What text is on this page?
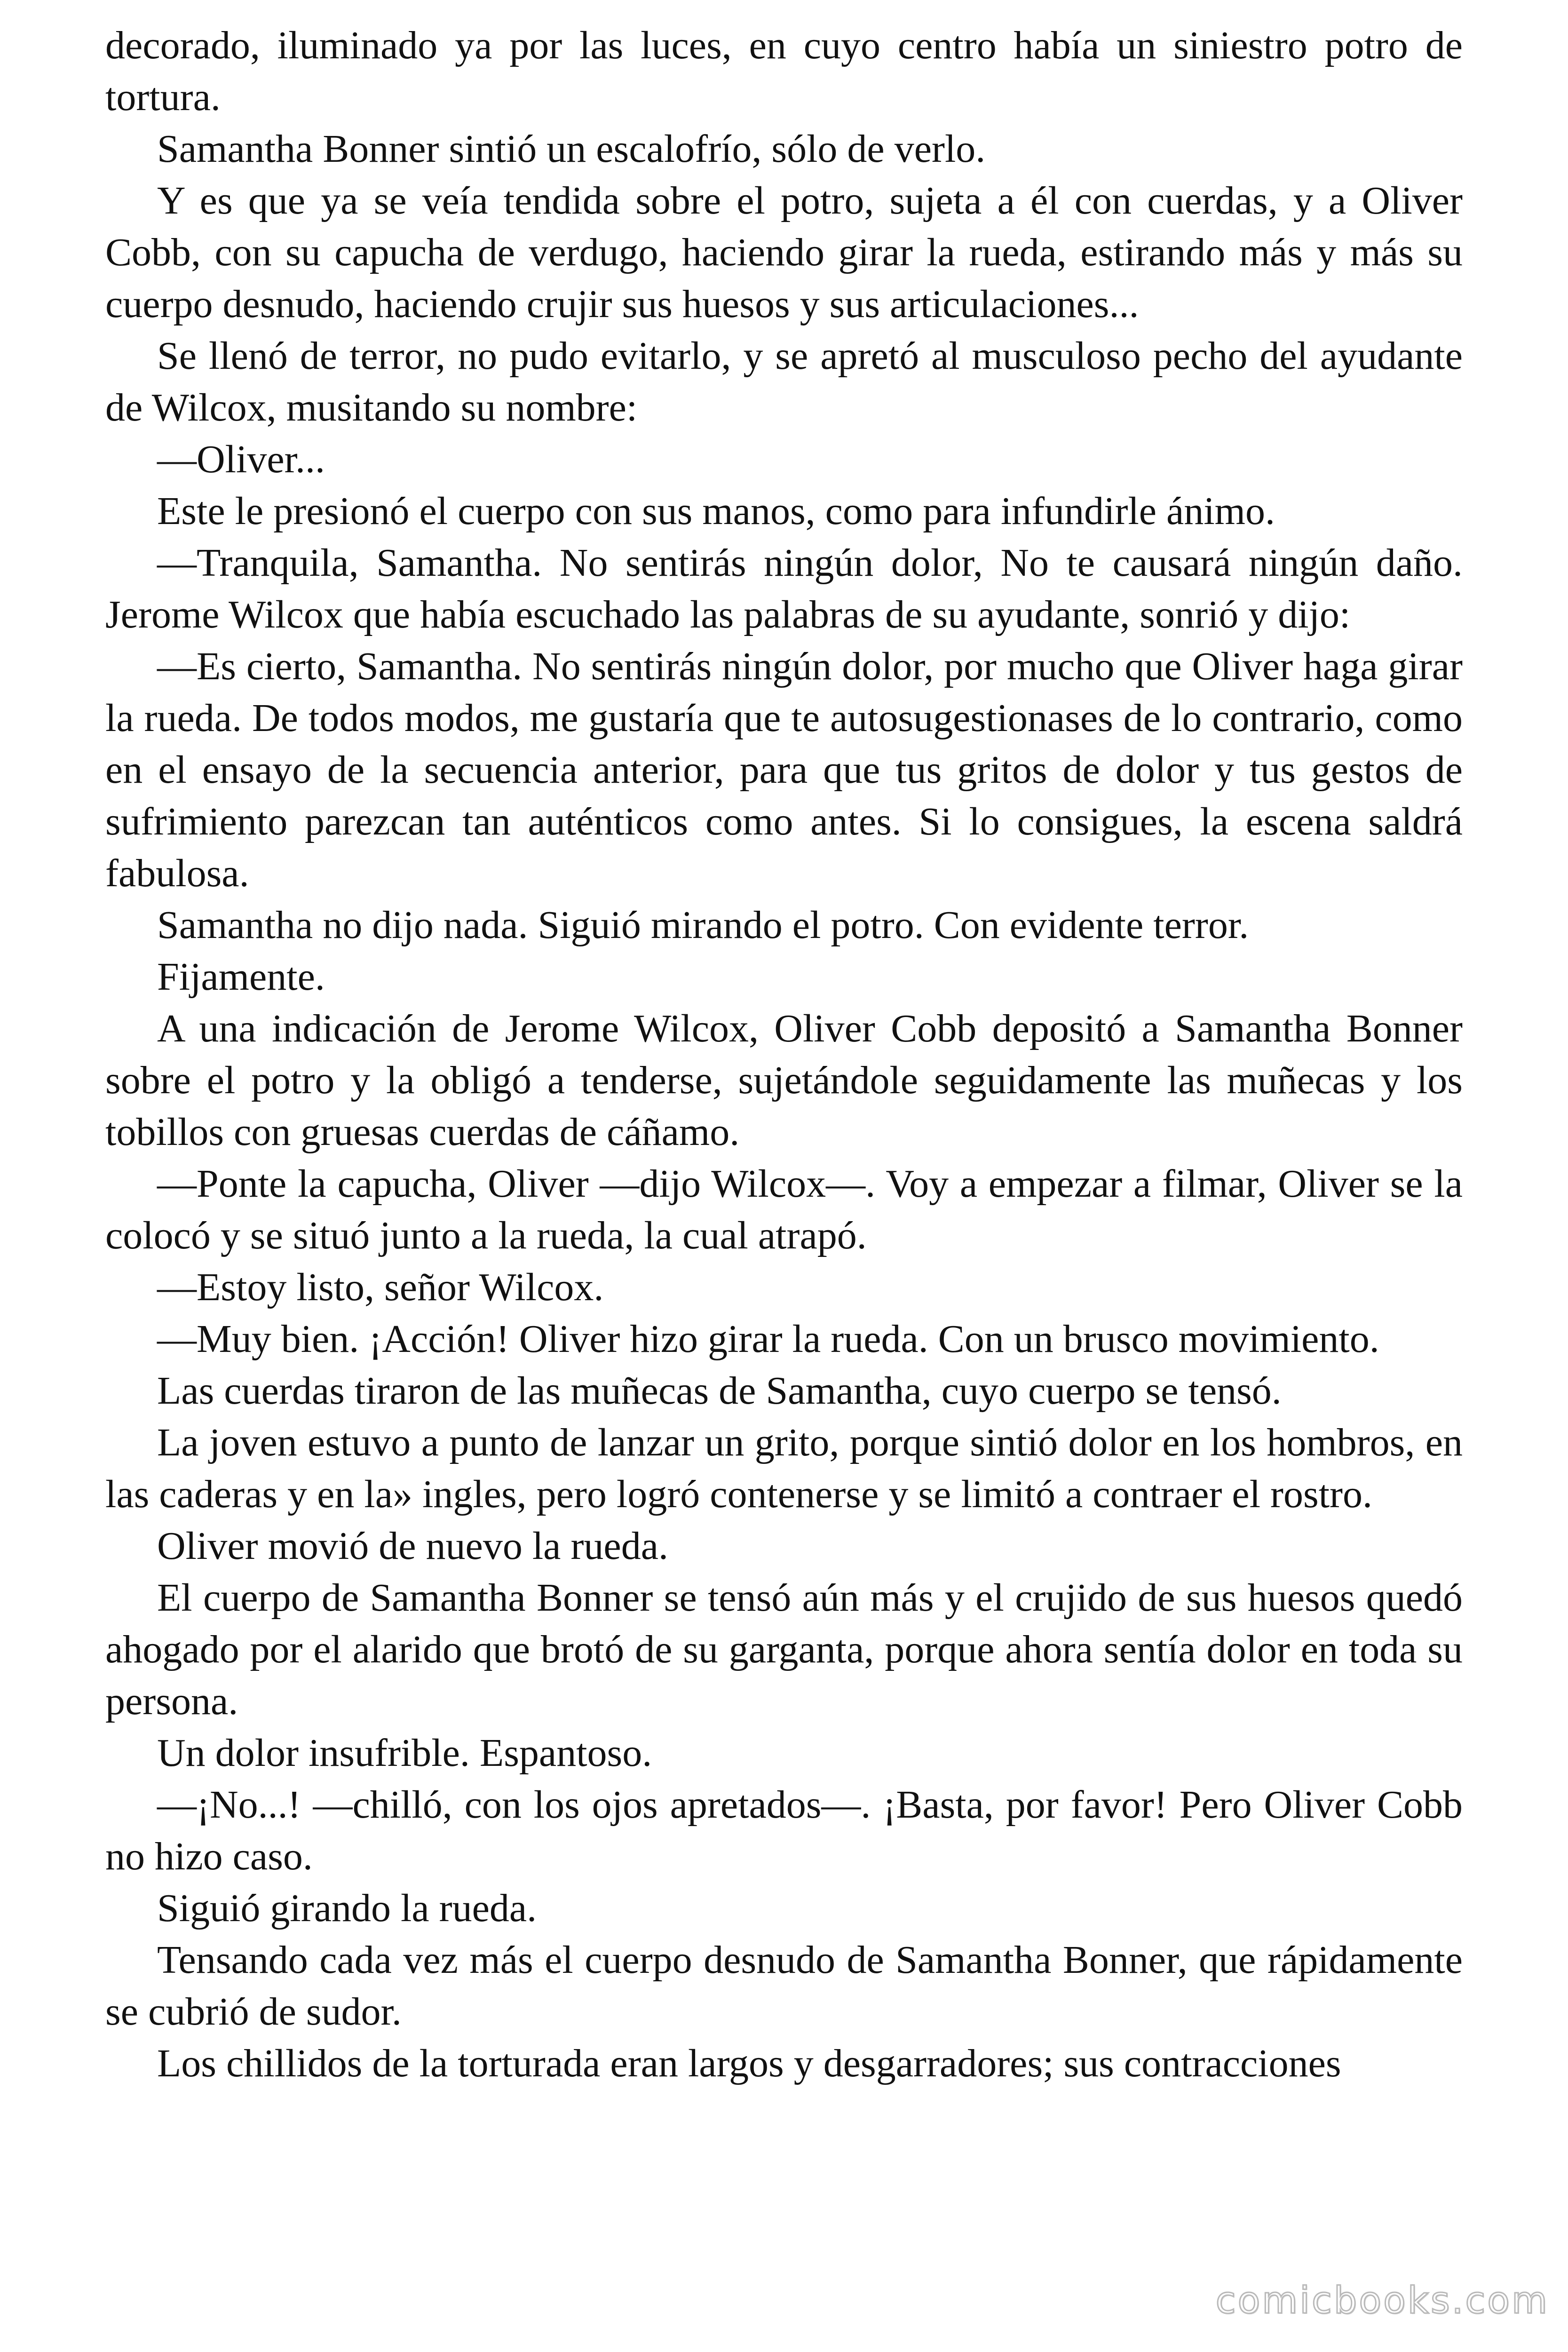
decorado, iluminado ya por las luces, en cuyo centro había un siniestro potro de tortura.

Samantha Bonner sintió un escalofrío, sólo de verlo.

Y es que ya se veía tendida sobre el potro, sujeta a él con cuerdas, y a Oliver Cobb, con su capucha de verdugo, haciendo girar la rueda, estirando más y más su cuerpo desnudo, haciendo crujir sus huesos y sus articulaciones...

Se llenó de terror, no pudo evitarlo, y se apretó al musculoso pecho del ayudante de Wilcox, musitando su nombre:

—Oliver...

Este le presionó el cuerpo con sus manos, como para infundirle ánimo.

—Tranquila, Samantha. No sentirás ningún dolor, No te causará ningún daño. Jerome Wilcox que había escuchado las palabras de su ayudante, sonrió y dijo:

—Es cierto, Samantha. No sentirás ningún dolor, por mucho que Oliver haga girar la rueda. De todos modos, me gustaría que te autosugestionases de lo contrario, como en el ensayo de la secuencia anterior, para que tus gritos de dolor y tus gestos de sufrimiento parezcan tan auténticos como antes. Si lo consigues, la escena saldrá fabulosa.

Samantha no dijo nada. Siguió mirando el potro. Con evidente terror.

Fijamente.

A una indicación de Jerome Wilcox, Oliver Cobb depositó a Samantha Bonner sobre el potro y la obligó a tenderse, sujetándole seguidamente las muñecas y los tobillos con gruesas cuerdas de cáñamo.

—Ponte la capucha, Oliver —dijo Wilcox—. Voy a empezar a filmar, Oliver se la colocó y se situó junto a la rueda, la cual atrapó.

—Estoy listo, señor Wilcox.

—Muy bien. ¡Acción! Oliver hizo girar la rueda. Con un brusco movimiento.

Las cuerdas tiraron de las muñecas de Samantha, cuyo cuerpo se tensó.

La joven estuvo a punto de lanzar un grito, porque sintió dolor en los hombros, en las caderas y en la» ingles, pero logró contenerse y se limitó a contraer el rostro.

Oliver movió de nuevo la rueda.

El cuerpo de Samantha Bonner se tensó aún más y el crujido de sus huesos quedó ahogado por el alarido que brotó de su garganta, porque ahora sentía dolor en toda su persona.

Un dolor insufrible. Espantoso.

—¡No...! —chilló, con los ojos apretados—. ¡Basta, por favor! Pero Oliver Cobb no hizo caso.

Siguió girando la rueda.

Tensando cada vez más el cuerpo desnudo de Samantha Bonner, que rápidamente se cubrió de sudor.

Los chillidos de la torturada eran largos y desgarradores; sus contracciones

comicbooks.com
